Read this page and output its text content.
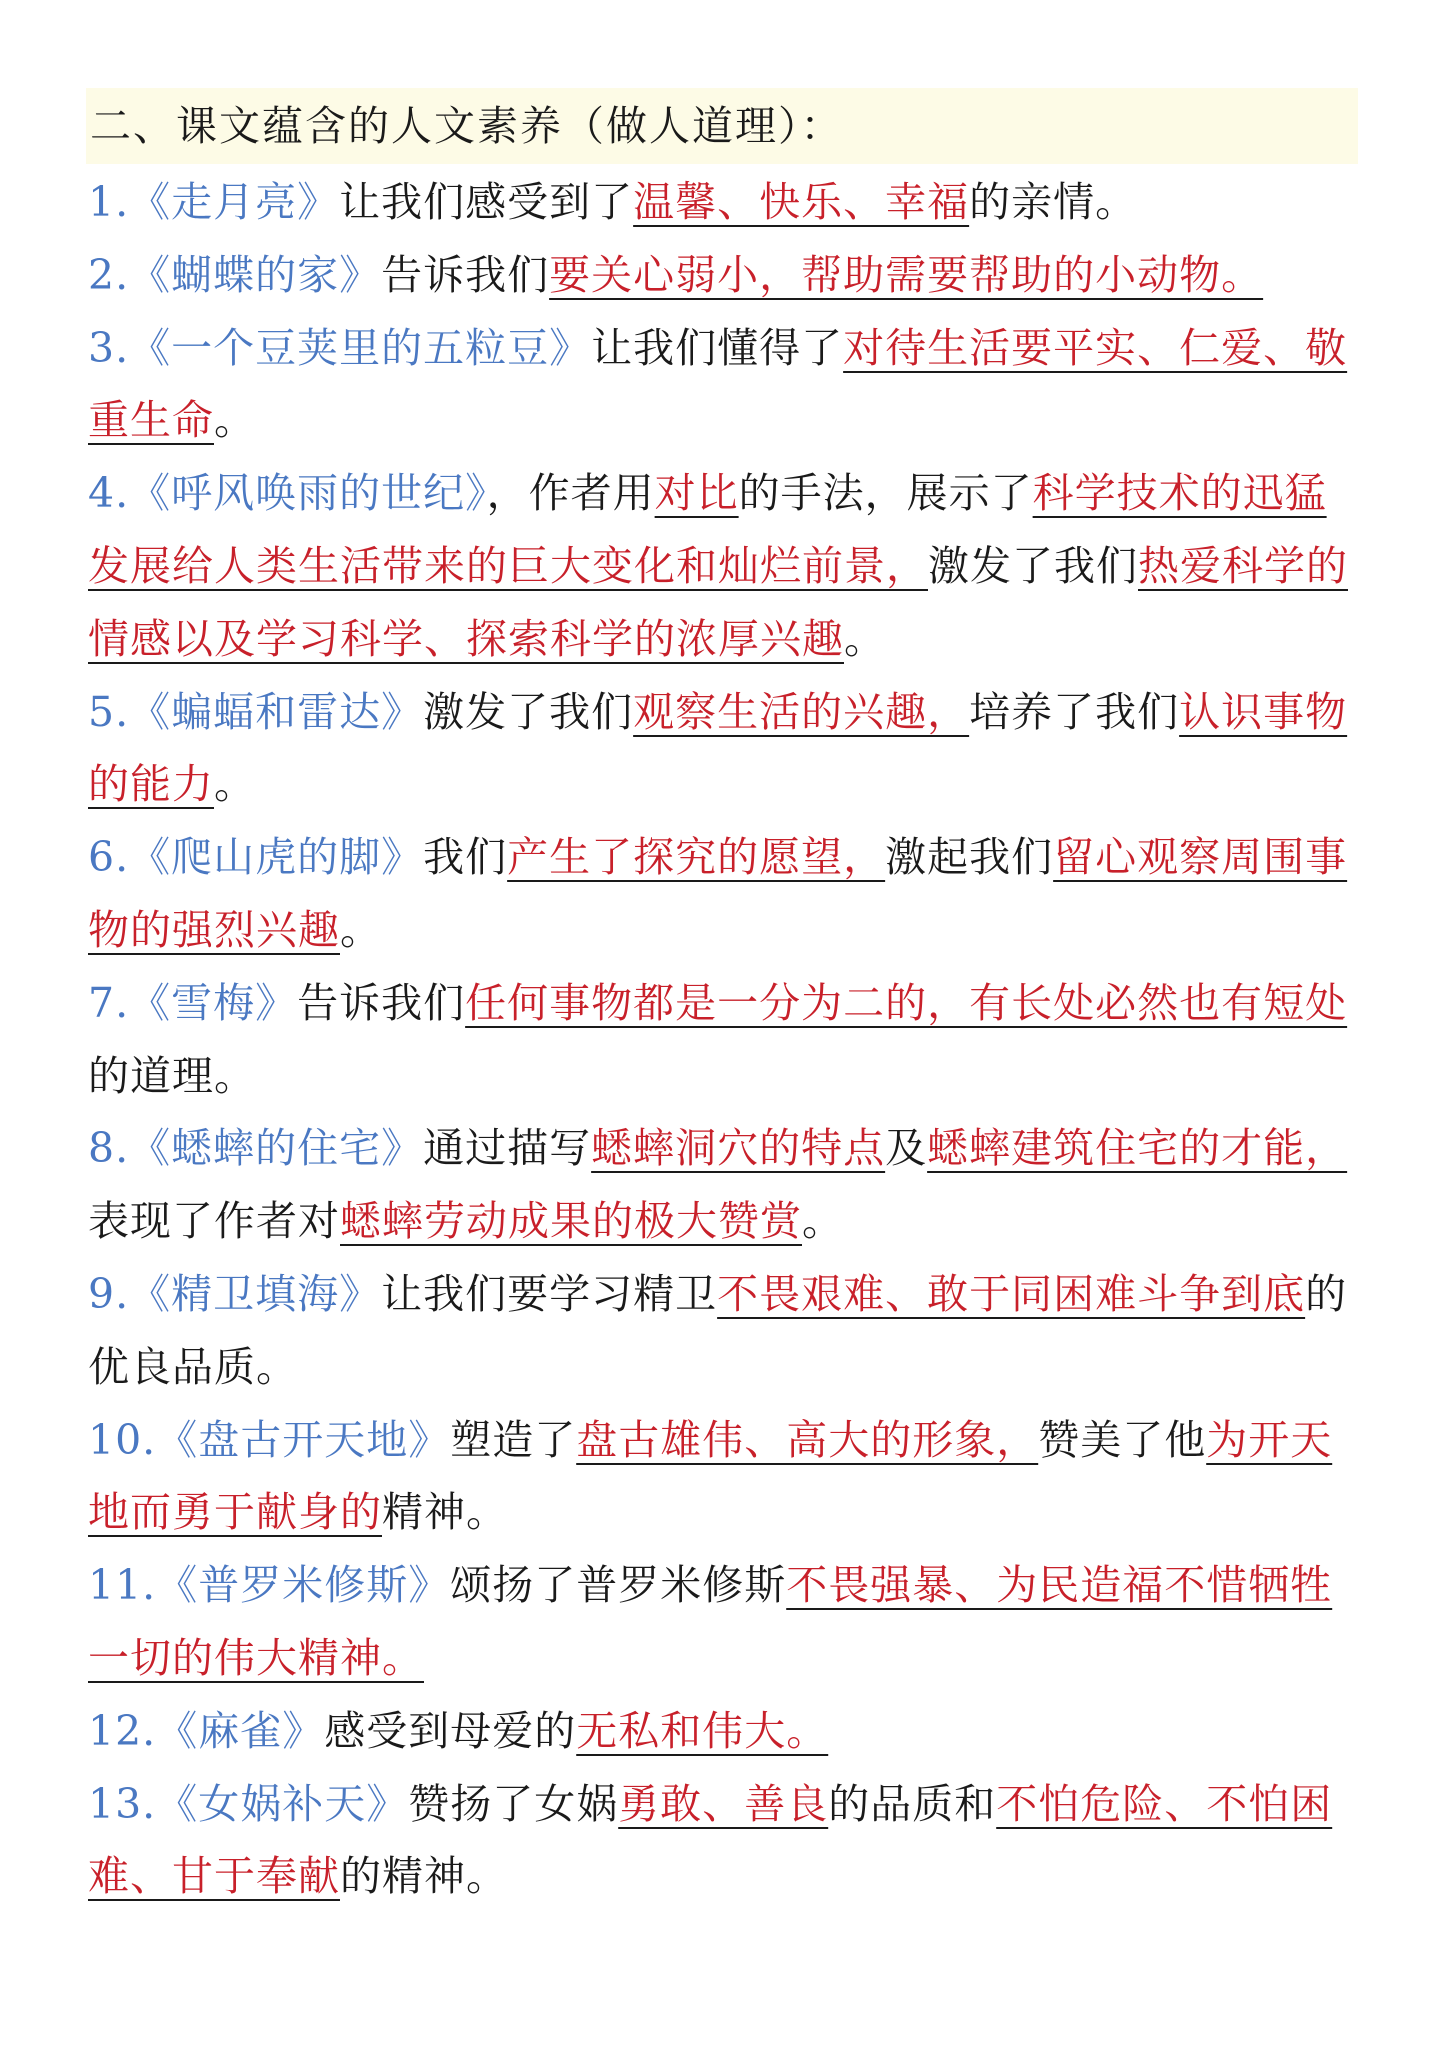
二、课文蕴含的人文素养（做人道理）：

1.《走月亮》让我们感受到了温馨、快乐、幸福的亲情。

2.《蝴蝶的家》告诉我们要关心弱小，帮助需要帮助的小动物。

3.《一个豆荚里的五粒豆》让我们懂得了对待生活要平实、仁爱、敬重生命。

4.《呼风唤雨的世纪》，作者用对比的手法，展示了科学技术的迅猛发展给人类生活带来的巨大变化和灿烂前景，激发了我们热爱科学的情感以及学习科学、探索科学的浓厚兴趣。

5.《蝙蝠和雷达》激发了我们观察生活的兴趣，培养了我们认识事物的能力。

6.《爬山虎的脚》我们产生了探究的愿望，激起我们留心观察周围事物的强烈兴趣。

7.《雪梅》告诉我们任何事物都是一分为二的，有长处必然也有短处的道理。

8.《蟋蟀的住宅》通过描写蟋蟀洞穴的特点及蟋蟀建筑住宅的才能，表现了作者对蟋蟀劳动成果的极大赞赏。

9.《精卫填海》让我们要学习精卫不畏艰难、敢于同困难斗争到底的优良品质。

10.《盘古开天地》塑造了盘古雄伟、高大的形象，赞美了他为开天地而勇于献身的精神。

11.《普罗米修斯》颂扬了普罗米修斯不畏强暴、为民造福不惜牺牲一切的伟大精神。

12.《麻雀》感受到母爱的无私和伟大。

13.《女娲补天》赞扬了女娲勇敢、善良的品质和不怕危险、不怕困难、甘于奉献的精神。
